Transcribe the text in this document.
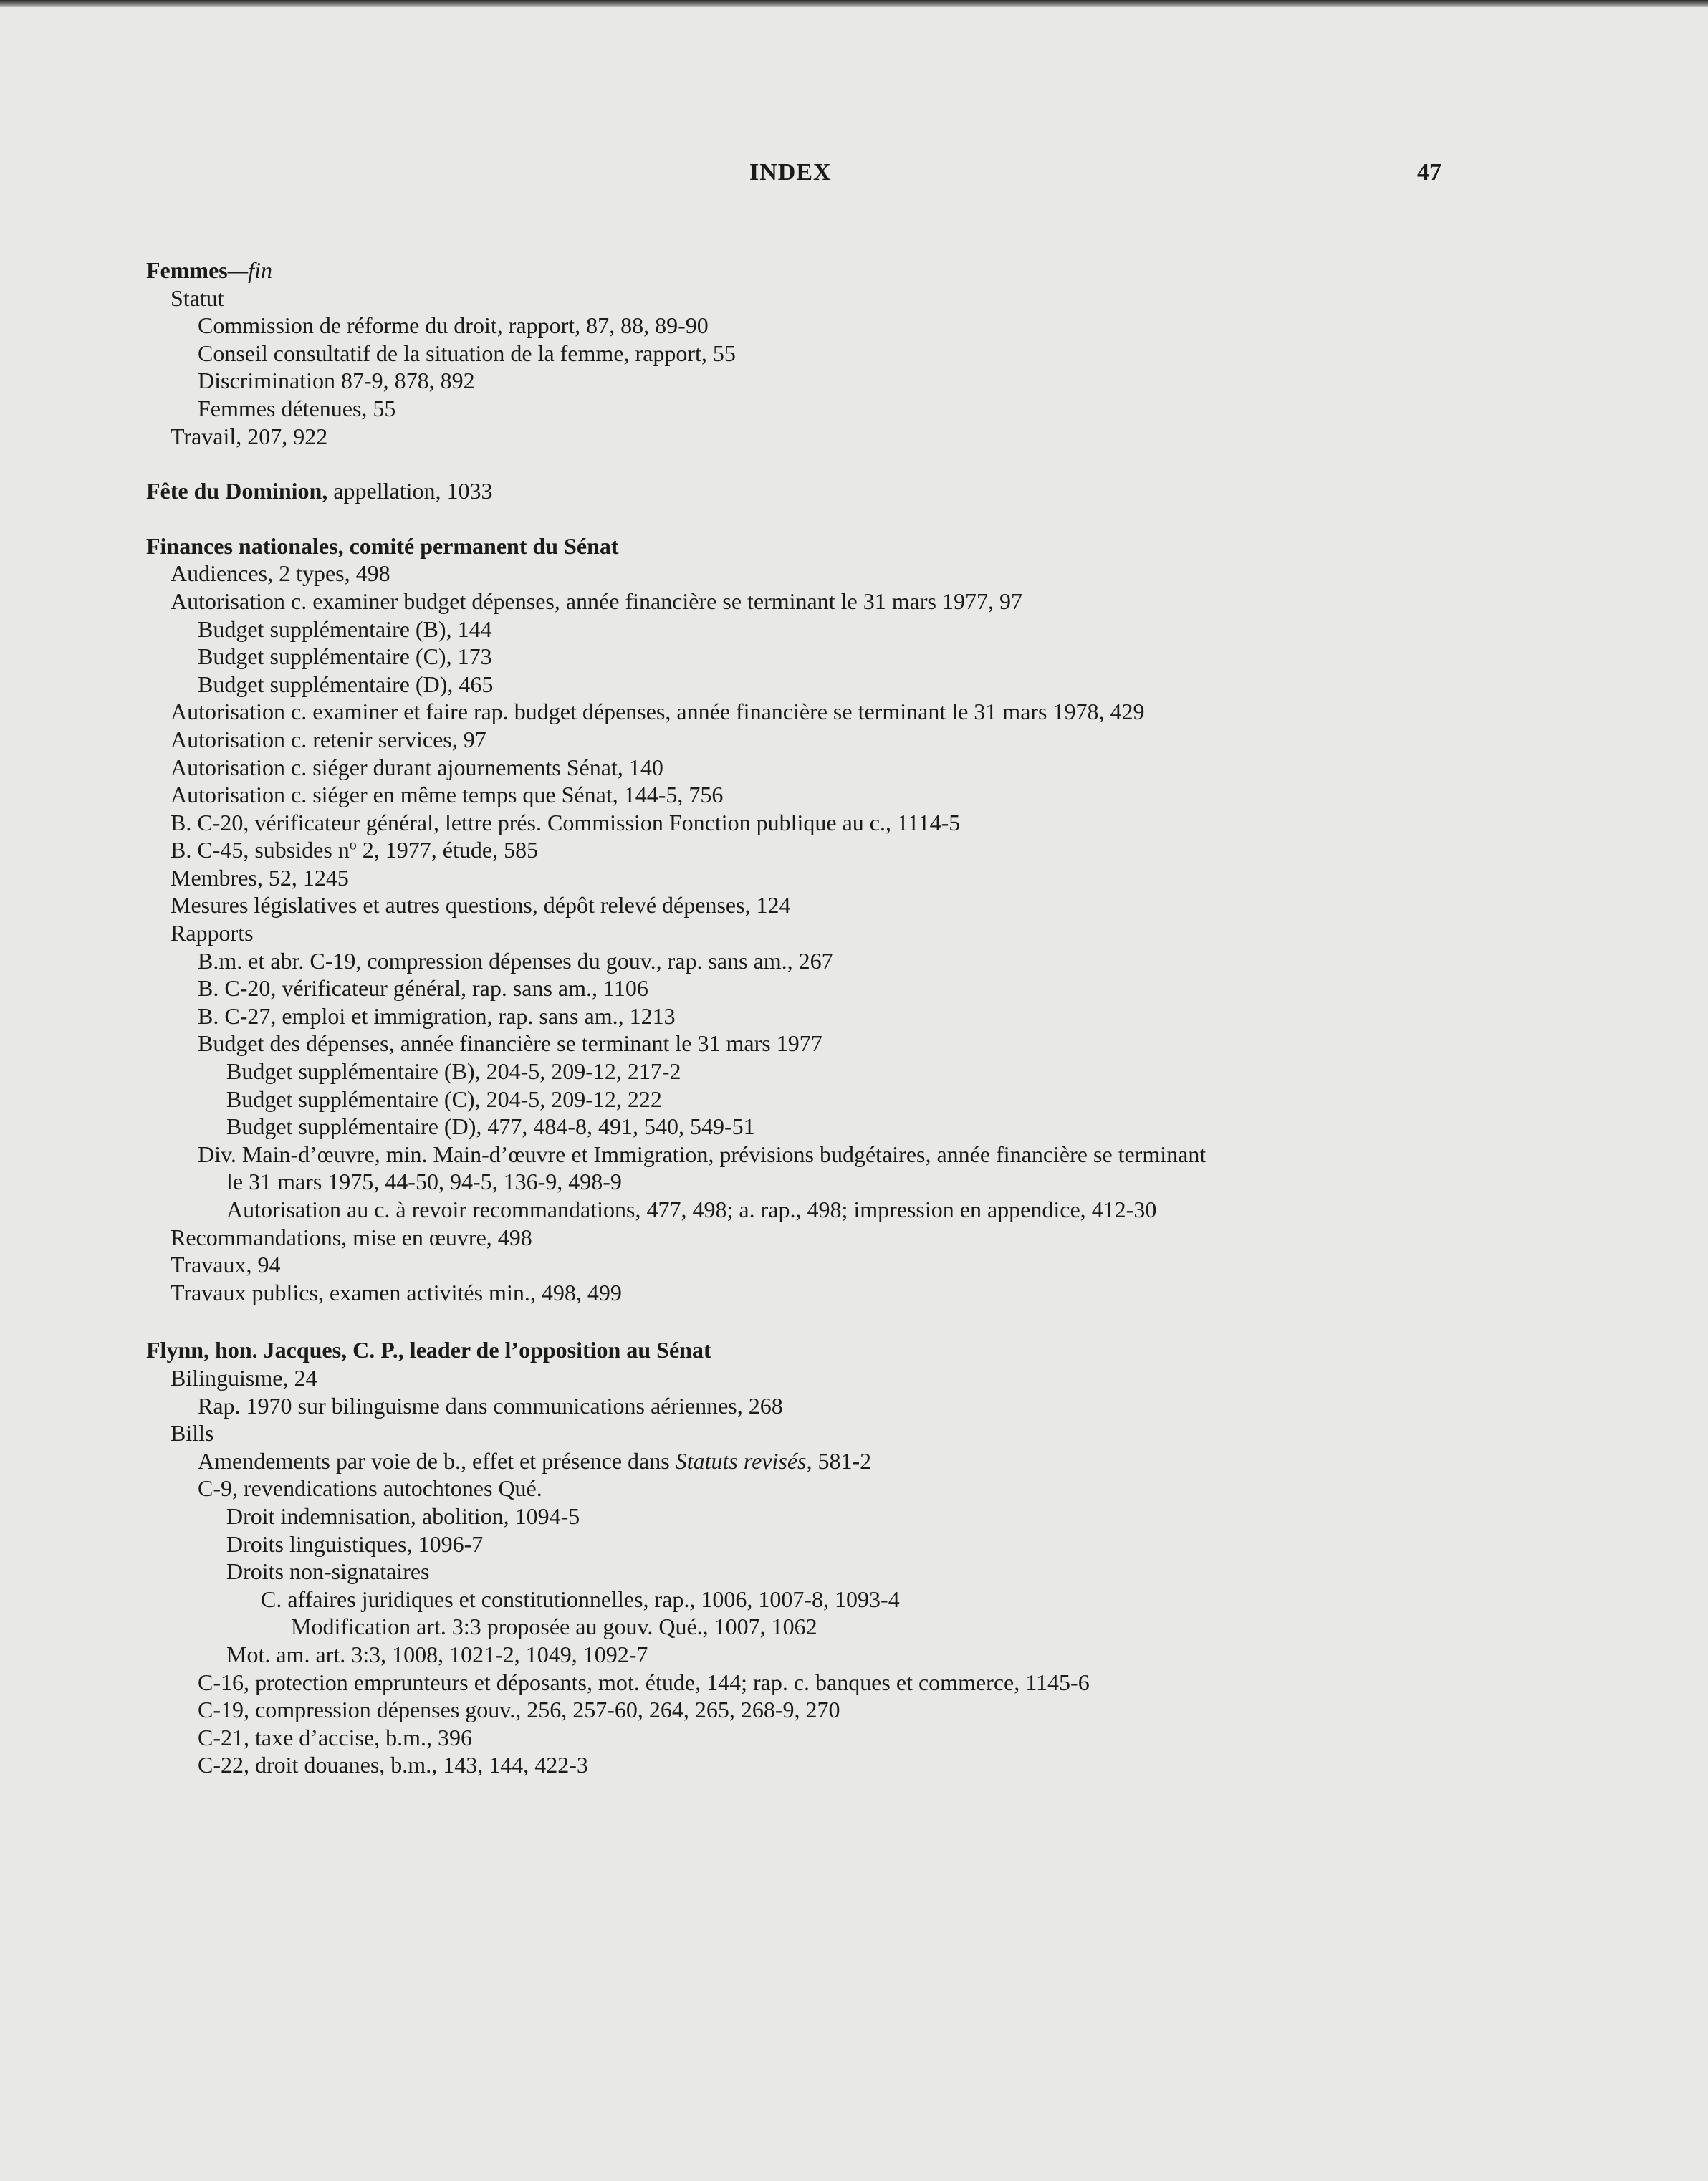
INDEX	47
Femmes—fin
Statut
Commission de réforme du droit, rapport, 87, 88, 89-90
Conseil consultatif de la situation de la femme, rapport, 55
Discrimination 87-9, 878, 892
Femmes détenues, 55
Travail, 207, 922
Fête du Dominion, appellation, 1033
Finances nationales, comité permanent du Sénat
Audiences, 2 types, 498
Autorisation c. examiner budget dépenses, année financière se terminant le 31 mars 1977, 97
Budget supplémentaire (B), 144
Budget supplémentaire (C), 173
Budget supplémentaire (D), 465
Autorisation c. examiner et faire rap. budget dépenses, année financière se terminant le 31 mars 1978, 429
Autorisation c. retenir services, 97
Autorisation c. siéger durant ajournements Sénat, 140
Autorisation c. siéger en même temps que Sénat, 144-5, 756
B. C-20, vérificateur général, lettre prés. Commission Fonction publique au c., 1114-5
B. C-45, subsides $n^o$ 2, 1977, étude, 585
Membres, 52, 1245
Mesures législatives et autres questions, dépôt relevé dépenses, 124
Rapports
B.m. et abr. C-19, compression dépenses du gouv., rap. sans am., 267
B. C-20, vérificateur général, rap. sans am., 1106
B. C-27, emploi et immigration, rap. sans am., 1213
Budget des dépenses, année financière se terminant le 31 mars 1977
Budget supplémentaire (B), 204-5, 209-12, 217-2
Budget supplémentaire (C), 204-5, 209-12, 222
Budget supplémentaire (D), 477, 484-8, 491, 540, 549-51
Div. Main-d’œuvre, min. Main-d’œuvre et Immigration, prévisions budgétaires, année financière se terminant
le 31 mars 1975, 44-50, 94-5, 136-9, 498-9
Autorisation au c. à revoir recommandations, 477, 498; a. rap., 498; impression en appendice, 412-30
Recommandations, mise en œuvre, 498
Travaux, 94
Travaux publics, examen activités min., 498, 499
Flynn, hon. Jacques, C. P., leader de l’opposition au Sénat
Bilinguisme, 24
Rap. 1970 sur bilinguisme dans communications aériennes, 268
Bills
Amendements par voie de b., effet et présence dans Statuts revisés, 581-2
C-9, revendications autochtones Qué.
Droit indemnisation, abolition, 1094-5
Droits linguistiques, 1096-7
Droits non-signataires
C. affaires juridiques et constitutionnelles, rap., 1006, 1007-8, 1093-4
Modification art. 3:3 proposée au gouv. Qué., 1007, 1062
Mot. am. art. 3:3, 1008, 1021-2, 1049, 1092-7
C-16, protection emprunteurs et déposants, mot. étude, 144; rap. c. banques et commerce, 1145-6
C-19, compression dépenses gouv., 256, 257-60, 264, 265, 268-9, 270
C-21, taxe d’accise, b.m., 396
C-22, droit douanes, b.m., 143, 144, 422-3
